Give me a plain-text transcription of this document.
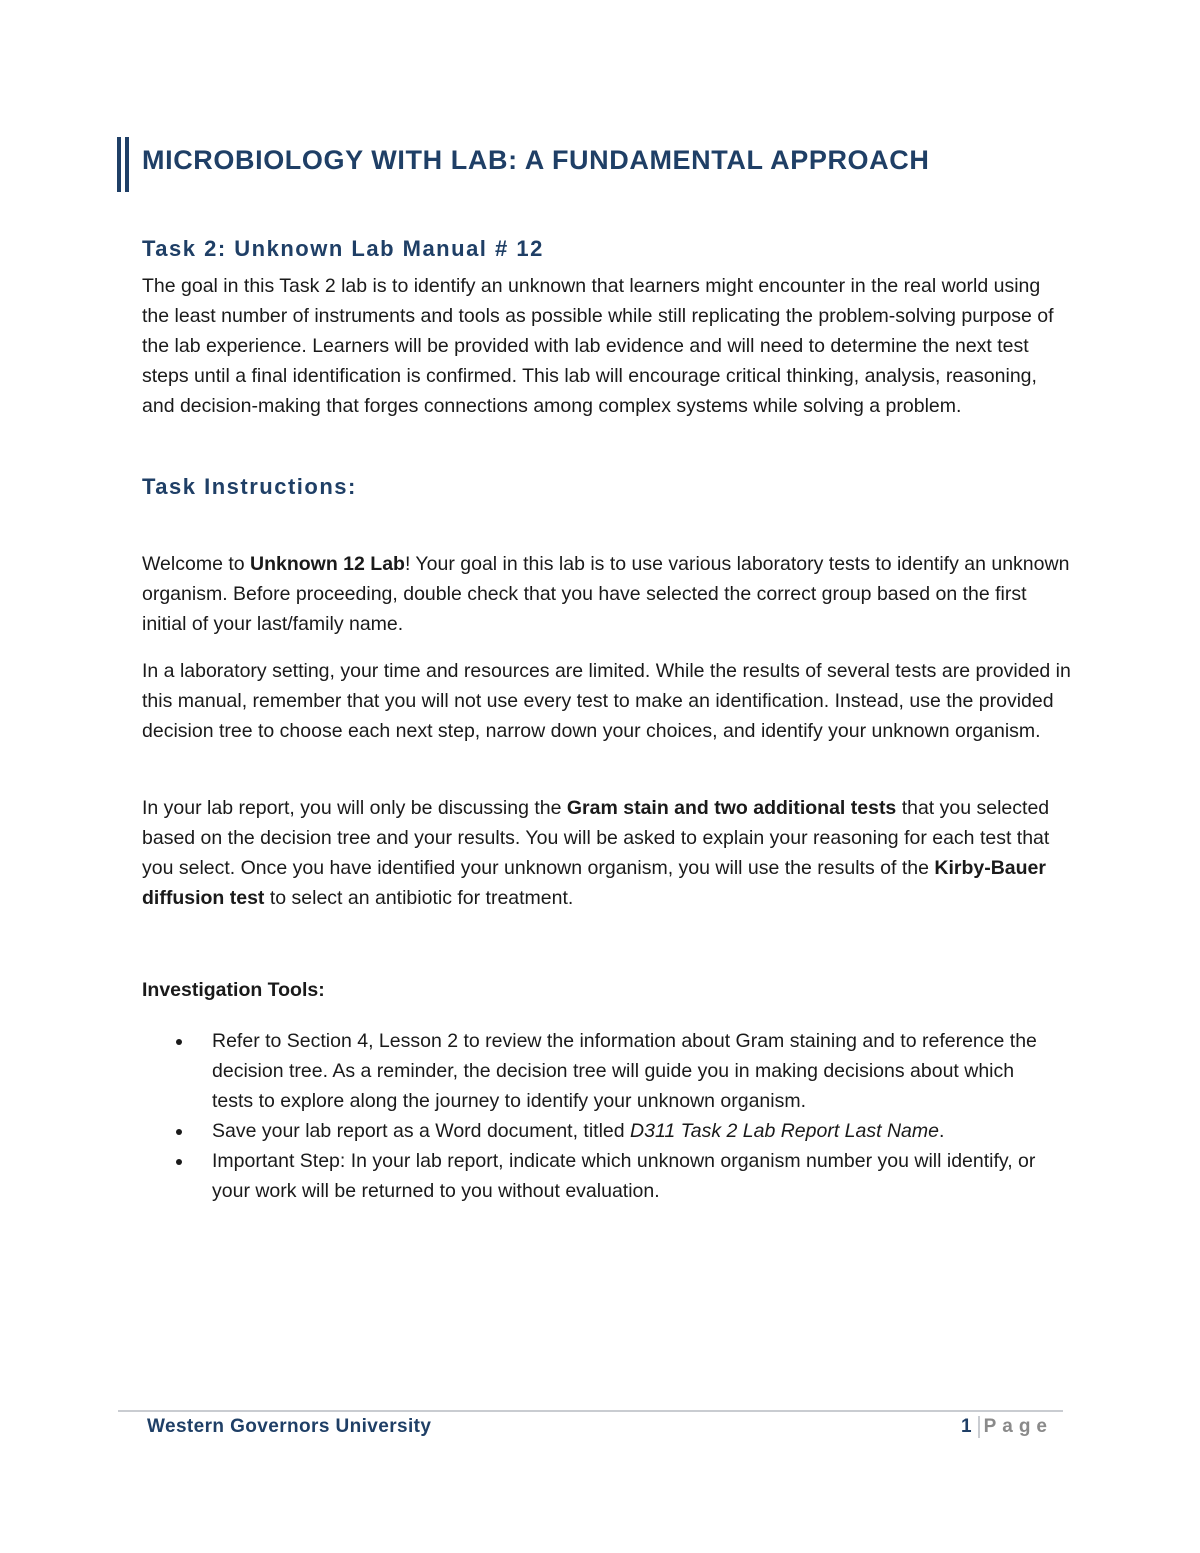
MICROBIOLOGY WITH LAB: A FUNDAMENTAL APPROACH
Task 2: Unknown Lab Manual # 12

The goal in this Task 2 lab is to identify an unknown that learners might encounter in the real world using the least number of instruments and tools as possible while still replicating the problem-solving purpose of the lab experience. Learners will be provided with lab evidence and will need to determine the next test steps until a final identification is confirmed. This lab will encourage critical thinking, analysis, reasoning, and decision-making that forges connections among complex systems while solving a problem.

Task Instructions:

Welcome to Unknown 12 Lab! Your goal in this lab is to use various laboratory tests to identify an unknown organism. Before proceeding, double check that you have selected the correct group based on the first initial of your last/family name.

In a laboratory setting, your time and resources are limited. While the results of several tests are provided in this manual, remember that you will not use every test to make an identification. Instead, use the provided decision tree to choose each next step, narrow down your choices, and identify your unknown organism.

In your lab report, you will only be discussing the Gram stain and two additional tests that you selected based on the decision tree and your results. You will be asked to explain your reasoning for each test that you select. Once you have identified your unknown organism, you will use the results of the Kirby-Bauer diffusion test to select an antibiotic for treatment.

Investigation Tools:

Refer to Section 4, Lesson 2 to review the information about Gram staining and to reference the decision tree. As a reminder, the decision tree will guide you in making decisions about which tests to explore along the journey to identify your unknown organism.
Save your lab report as a Word document, titled D311 Task 2 Lab Report Last Name.
Important Step: In your lab report, indicate which unknown organism number you will identify, or your work will be returned to you without evaluation.

Western Governors University	1 Page
